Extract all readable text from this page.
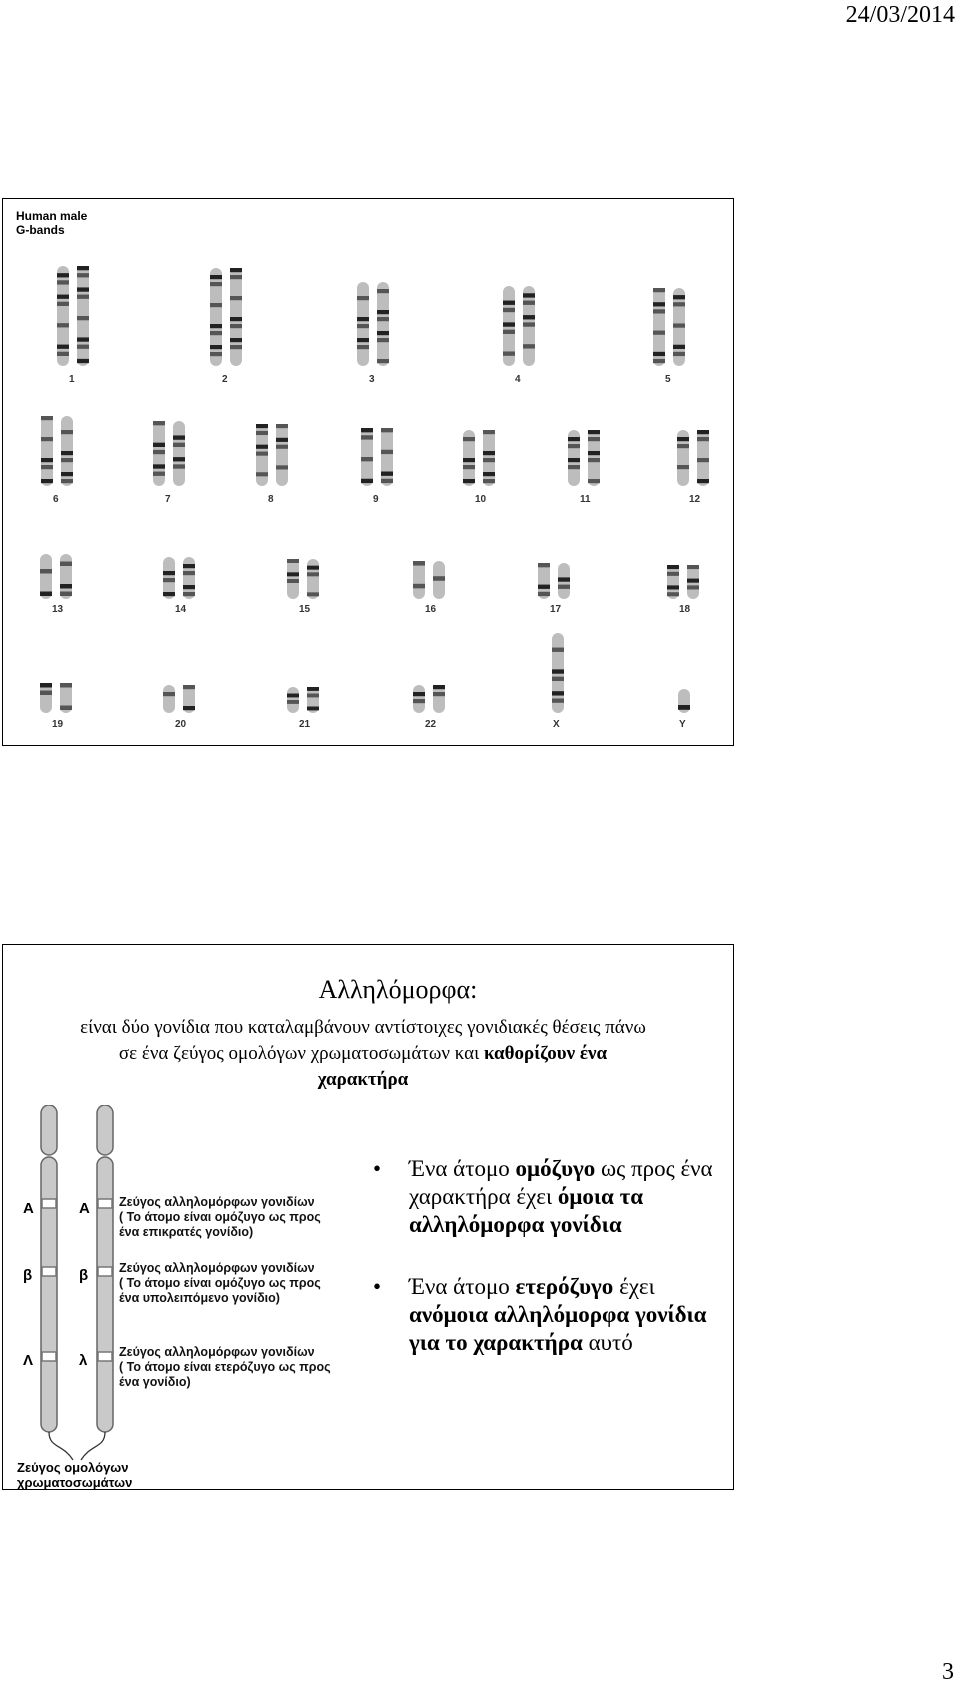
24/03/2014
Human male
G-bands
1	2	3	4	5
6	7	8	9	10	11	12
13	14	15	16	17	18
19	20	21	22	X	Y
Αλληλόμορφα:
είναι δύο γονίδια που καταλαμβάνουν αντίστοιχες γονιδιακές θέσεις πάνω
σε ένα ζεύγος ομολόγων χρωματοσωμάτων και καθορίζουν ένα
χαρακτήρα
A
β
Λ
A
β
λ
Ζεύγος αλληλομόρφων γονιδίων
( Το άτομο είναι ομόζυγο ως προς
ένα επικρατές γονίδιο)
Ζεύγος αλληλομόρφων γονιδίων
( Το άτομο είναι ομόζυγο ως προς
ένα υπολειπόμενο γονίδιο)
Ζεύγος αλληλομόρφων γονιδίων
( Το άτομο είναι ετερόζυγο ως προς
ένα γονίδιο)
Ζεύγος ομολόγων
χρωματοσωμάτων
• Ένα άτομο ομόζυγο ως προς ένα χαρακτήρα έχει όμοια τα αλληλόμορφα γονίδια
• Ένα άτομο ετερόζυγο έχει ανόμοια αλληλόμορφα γονίδια για το χαρακτήρα αυτό
3
